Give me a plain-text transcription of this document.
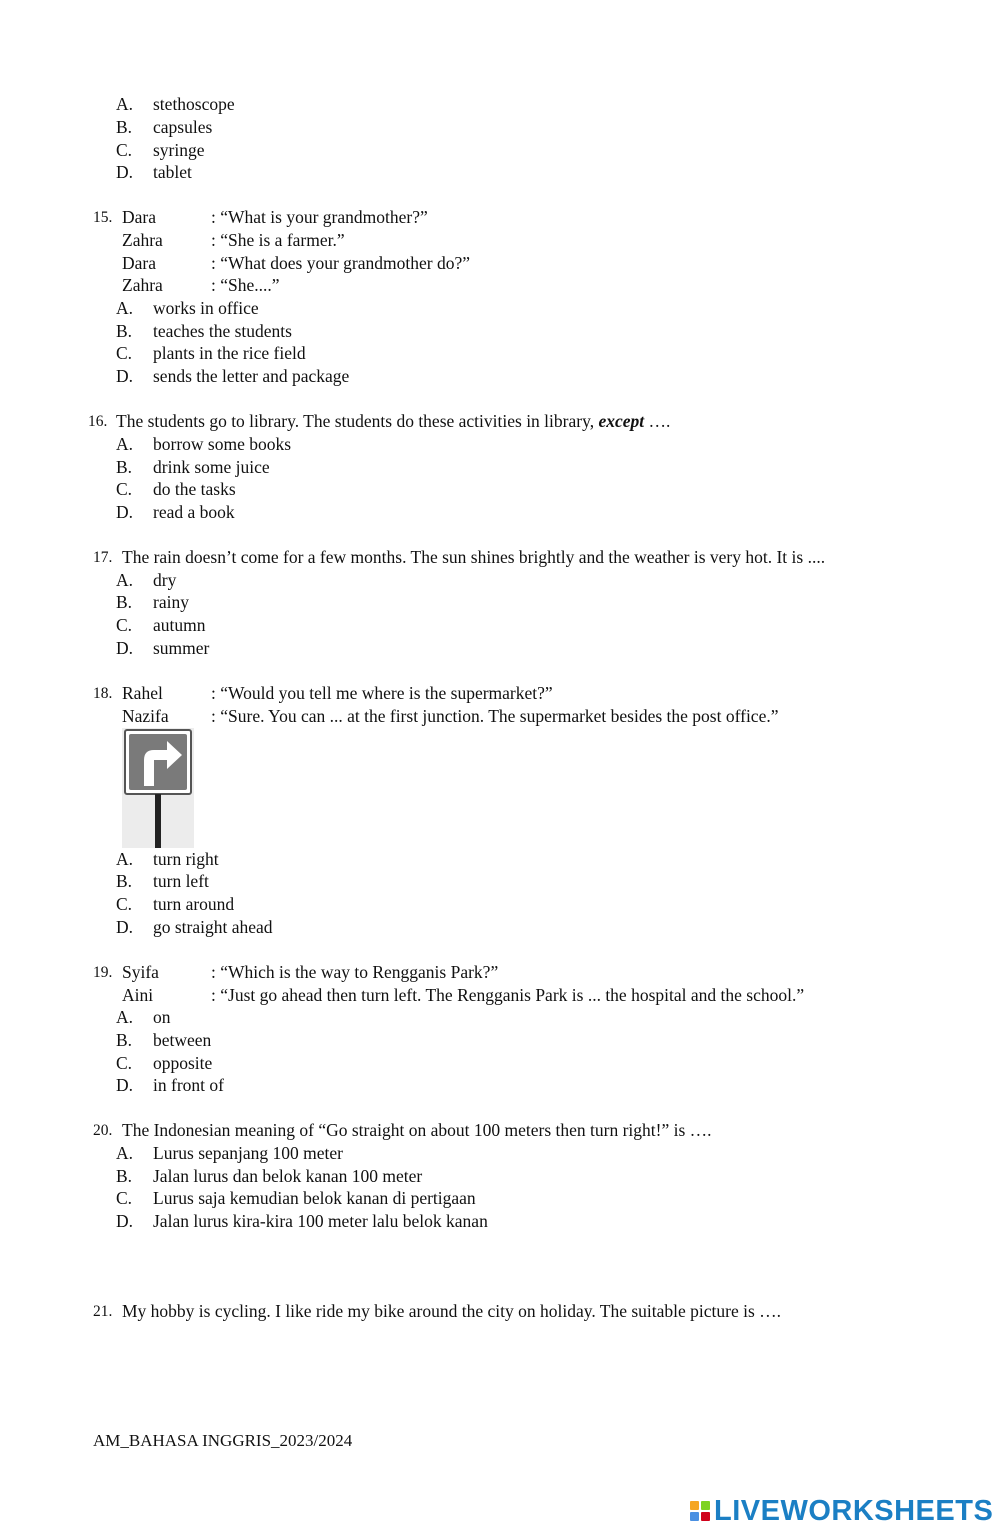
A. stethoscope
B. capsules
C. syringe
D. tablet
15. Dara	: “What is your grandmother?”
Zahra	: “She is a farmer.”
Dara	: “What does your grandmother do?”
Zahra	: “She....”
A. works in office
B. teaches the students
C. plants in the rice field
D. sends the letter and package
16. The students go to library. The students do these activities in library, except ….
A. borrow some books
B. drink some juice
C. do the tasks
D. read a book
17. The rain doesn’t come for a few months. The sun shines brightly and the weather is very hot. It is ....
A. dry
B. rainy
C. autumn
D. summer
18. Rahel	: “Would you tell me where is the supermarket?”
Nazifa : “Sure. You can ... at the first junction. The supermarket besides the post office.”
A. turn right
B. turn left
C. turn around
D. go straight ahead
19. Syifa	: “Which is the way to Rengganis Park?”
Aini	: “Just go ahead then turn left. The Rengganis Park is ... the hospital and the school.”
A. on
B. between
C. opposite
D. in front of
20. The Indonesian meaning of “Go straight on about 100 meters then turn right!” is ….
A. Lurus sepanjang 100 meter
B. Jalan lurus dan belok kanan 100 meter
C. Lurus saja kemudian belok kanan di pertigaan
D. Jalan lurus kira-kira 100 meter lalu belok kanan
21. My hobby is cycling. I like ride my bike around the city on holiday. The suitable picture is ….
AM_BAHASA INGGRIS_2023/2024
LIVEWORKSHEETS
